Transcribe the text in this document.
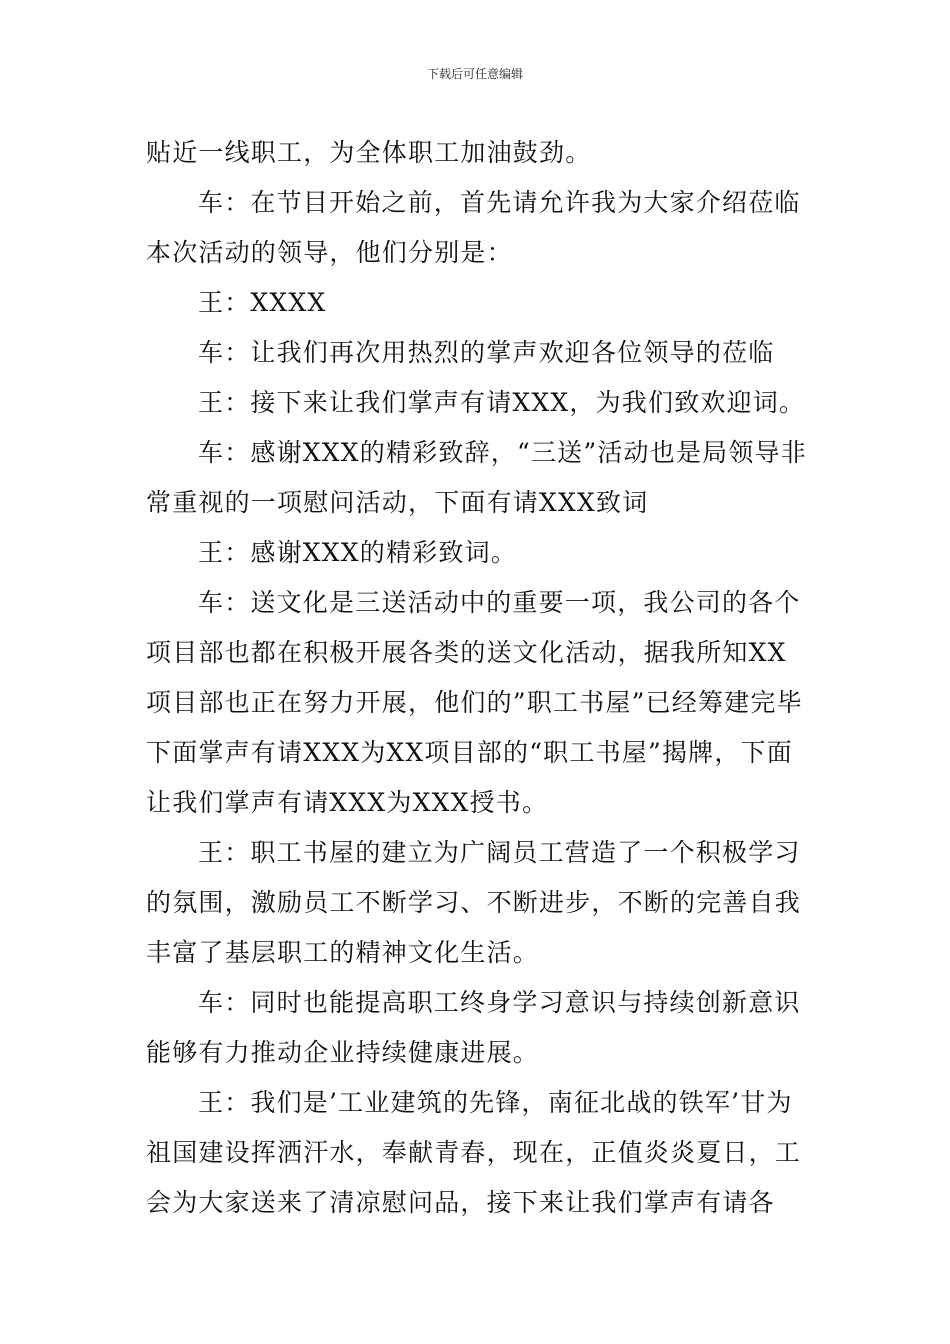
下载后可任意编辑

贴近一线职工，为全体职工加油鼓劲。

车：在节目开始之前，首先请允许我为大家介绍莅临本次活动的领导，他们分别是：

王：XXXX

车：让我们再次用热烈的掌声欢迎各位领导的莅临

王：接下来让我们掌声有请XXX，为我们致欢迎词。

车：感谢XXX的精彩致辞，“三送”活动也是局领导非常重视的一项慰问活动，下面有请XXX致词

王：感谢XXX的精彩致词。

车：送文化是三送活动中的重要一项，我公司的各个项目部也都在积极开展各类的送文化活动，据我所知XX项目部也正在努力开展，他们的”职工书屋”已经筹建完毕下面掌声有请XXX为XX项目部的“职工书屋”揭牌，下面让我们掌声有请XXX为XXX授书。

王：职工书屋的建立为广阔员工营造了一个积极学习的氛围，激励员工不断学习、不断进步，不断的完善自我丰富了基层职工的精神文化生活。

车：同时也能提高职工终身学习意识与持续创新意识能够有力推动企业持续健康进展。

王：我们是’工业建筑的先锋，南征北战的铁军’甘为祖国建设挥洒汗水，奉献青春，现在，正值炎炎夏日，工会为大家送来了清凉慰问品，接下来让我们掌声有请各
